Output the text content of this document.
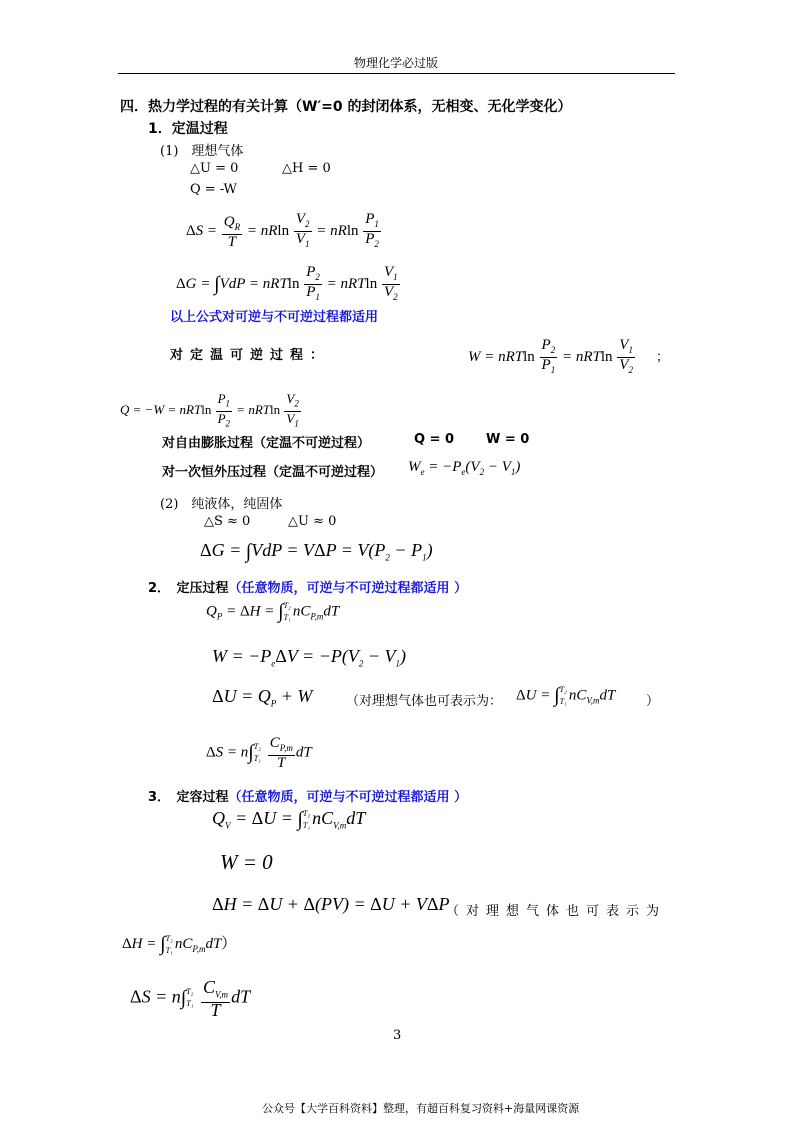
物理化学必过版
四．热力学过程的有关计算（W′=0 的封闭体系，无相变、无化学变化）
1．定温过程
(1)　理想气体
△U = 0	△H = 0
Q = -W
$\Delta S = \frac{Q_R}{T} = nRln \frac{V_2}{V_1} = nRln \frac{P_1}{P_2}$
ΔG = ∫VdP = nRTln $\frac{P_2}{P_1} = nRTln \frac{V_1}{V_2}$
以上公式对可逆与不可逆过程都适用
对定温可逆过程：	W = nRTln $\frac{P_2}{P_1} = nRTln \frac{V_1}{V_2}$ ；
Q = −W = nRTln $\frac{P_1}{P_2} = nRTln \frac{V_2}{V_1}$
对自由膨胀过程（定温不可逆过程）	Q = 0 W = 0
对一次恒外压过程（定温不可逆过程） $W_e = -P_e(V_2 - V_1)$
(2)　纯液体，纯固体
△S ≈ 0	△U ≈ 0
$\Delta G = \int VdP = V\Delta P = V(P_2 - P_1)$
2．　定压过程（任意物质，可逆与不可逆过程都适用 ）
$Q_P = \Delta H$ = ∫ T₂
T₁ $nC_{P,m}dT$
$W = -P_e\Delta V = -P(V_2 - V_1)$
$\Delta U = Q_P + W$	（对理想气体也可表示为： ΔU = ∫ T₂
T₁ $nC_{V,m}dT$ ）
ΔS = n∫ T₂
T₁
$\frac{C_{P,m}}{T}$ dT
3．　定容过程（任意物质，可逆与不可逆过程都适用 ）
$Q_V = \Delta U$ = ∫ T₂
T₁ $nC_{V,m}dT$
W = 0
ΔH = ΔU + Δ(PV) = ΔU + VΔP
（对理想气体也可表示为
ΔH = ∫ T₂
T₁ $nC_{P,m}dT$）
ΔS = n∫ T₂
T₁
$\frac{C_{V,m}}{T}$ dT
3
公众号【大学百科资料】整理，有超百科复习资料+海量网课资源
